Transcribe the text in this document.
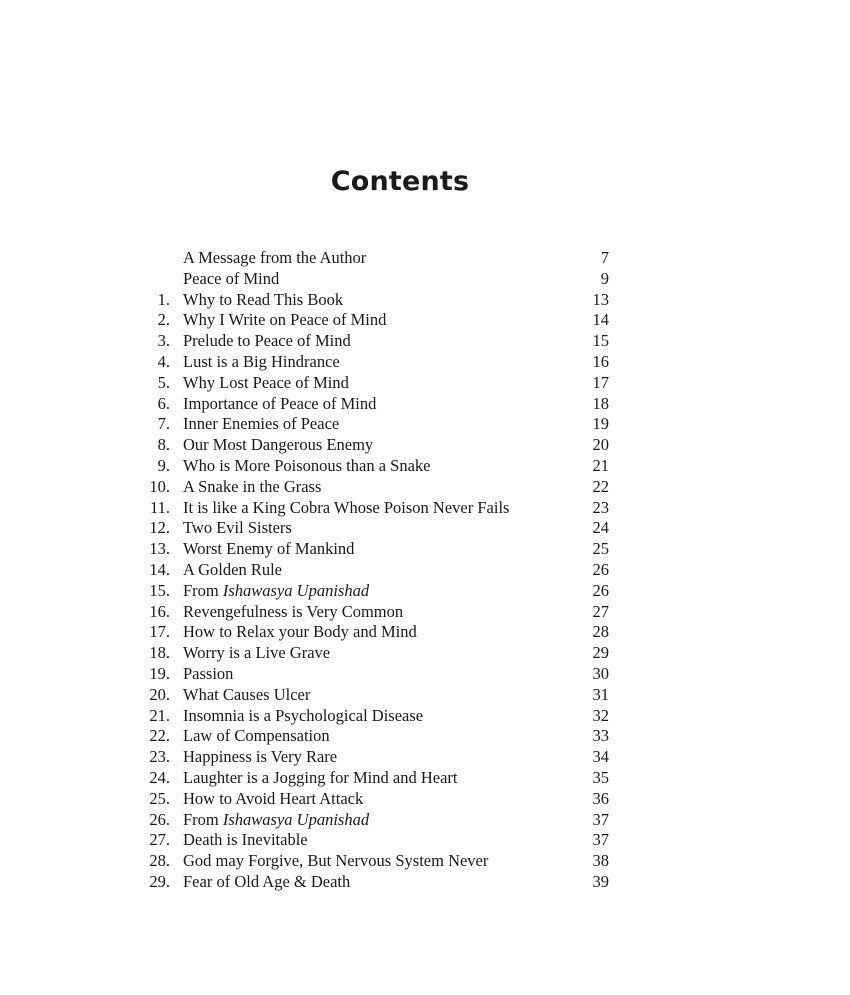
Contents
A Message from the Author	7
Peace of Mind	9
1. Why to Read This Book	13
2. Why I Write on Peace of Mind	14
3. Prelude to Peace of Mind	15
4. Lust is a Big Hindrance	16
5. Why Lost Peace of Mind	17
6. Importance of Peace of Mind	18
7. Inner Enemies of Peace	19
8. Our Most Dangerous Enemy	20
9. Who is More Poisonous than a Snake	21
10. A Snake in the Grass	22
11. It is like a King Cobra Whose Poison Never Fails	23
12. Two Evil Sisters	24
13. Worst Enemy of Mankind	25
14. A Golden Rule	26
15. From Ishawasya Upanishad	26
16. Revengefulness is Very Common	27
17. How to Relax your Body and Mind	28
18. Worry is a Live Grave	29
19. Passion	30
20. What Causes Ulcer	31
21. Insomnia is a Psychological Disease	32
22. Law of Compensation	33
23. Happiness is Very Rare	34
24. Laughter is a Jogging for Mind and Heart	35
25. How to Avoid Heart Attack	36
26. From Ishawasya Upanishad	37
27. Death is Inevitable	37
28. God may Forgive, But Nervous System Never	38
29. Fear of Old Age & Death	39
